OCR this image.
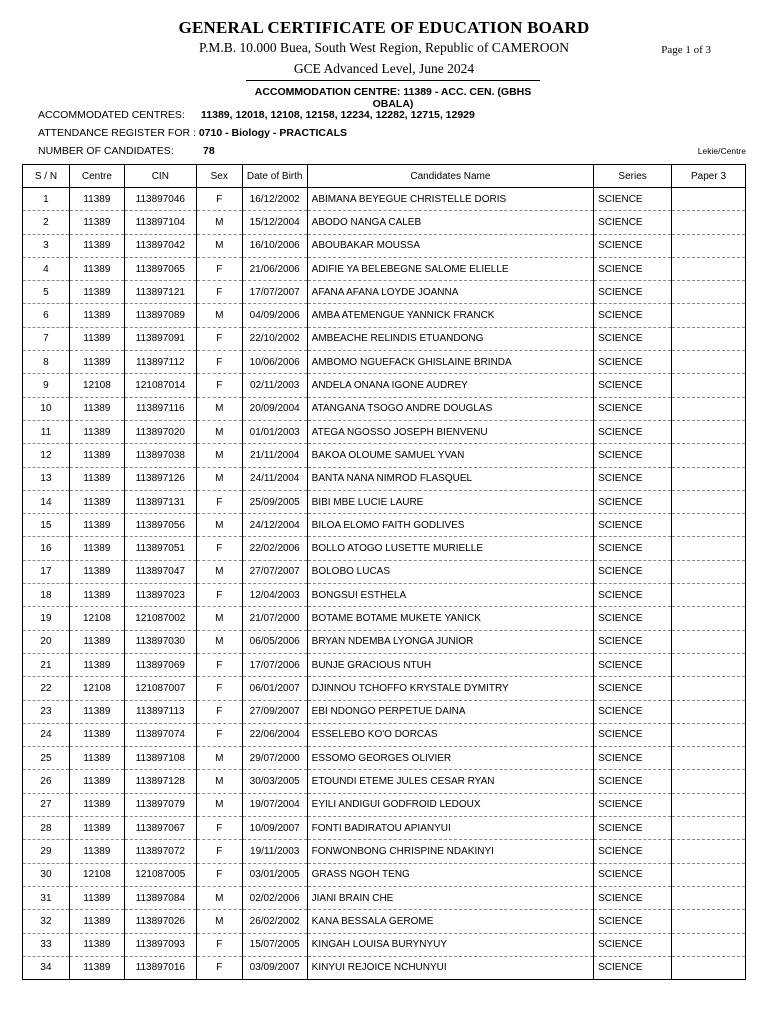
GENERAL CERTIFICATE OF EDUCATION BOARD
P.M.B. 10.000 Buea, South West Region, Republic of CAMEROON
GCE Advanced Level, June 2024
Page 1 of 3
ACCOMMODATION CENTRE: 11389 - ACC. CEN. (GBHS OBALA)
ACCOMMODATED CENTRES: 11389, 12018, 12108, 12158, 12234, 12282, 12715, 12929
ATTENDANCE REGISTER FOR : 0710 - Biology - PRACTICALS
NUMBER OF CANDIDATES:	78	Lekie/Centre
S / N	Centre	CIN	Sex	Date of Birth	Candidates Name	Series	Paper 3
1	11389	113897046	F	16/12/2002	ABIMANA BEYEGUE CHRISTELLE DORIS	SCIENCE	
2	11389	113897104	M	15/12/2004	ABODO NANGA CALEB	SCIENCE	
3	11389	113897042	M	16/10/2006	ABOUBAKAR MOUSSA	SCIENCE	
4	11389	113897065	F	21/06/2006	ADIFIE YA BELEBEGNE SALOME ELIELLE	SCIENCE	
5	11389	113897121	F	17/07/2007	AFANA AFANA LOYDE JOANNA	SCIENCE	
6	11389	113897089	M	04/09/2006	AMBA ATEMENGUE YANNICK FRANCK	SCIENCE	
7	11389	113897091	F	22/10/2002	AMBEACHE RELINDIS ETUANDONG	SCIENCE	
8	11389	113897112	F	10/06/2006	AMBOMO NGUEFACK GHISLAINE BRINDA	SCIENCE	
9	12108	121087014	F	02/11/2003	ANDELA ONANA IGONE AUDREY	SCIENCE	
10	11389	113897116	M	20/09/2004	ATANGANA TSOGO ANDRE DOUGLAS	SCIENCE	
11	11389	113897020	M	01/01/2003	ATEGA NGOSSO JOSEPH BIENVENU	SCIENCE	
12	11389	113897038	M	21/11/2004	BAKOA OLOUME SAMUEL YVAN	SCIENCE	
13	11389	113897126	M	24/11/2004	BANTA NANA NIMROD FLASQUEL	SCIENCE	
14	11389	113897131	F	25/09/2005	BIBI MBE LUCIE LAURE	SCIENCE	
15	11389	113897056	M	24/12/2004	BILOA ELOMO FAITH GODLIVES	SCIENCE	
16	11389	113897051	F	22/02/2006	BOLLO ATOGO LUSETTE MURIELLE	SCIENCE	
17	11389	113897047	M	27/07/2007	BOLOBO LUCAS	SCIENCE	
18	11389	113897023	F	12/04/2003	BONGSUI ESTHELA	SCIENCE	
19	12108	121087002	M	21/07/2000	BOTAME BOTAME MUKETE YANICK	SCIENCE	
20	11389	113897030	M	06/05/2006	BRYAN NDEMBA LYONGA JUNIOR	SCIENCE	
21	11389	113897069	F	17/07/2006	BUNJE GRACIOUS NTUH	SCIENCE	
22	12108	121087007	F	06/01/2007	DJINNOU TCHOFFO KRYSTALE DYMITRY	SCIENCE	
23	11389	113897113	F	27/09/2007	EBI NDONGO PERPETUE DAINA	SCIENCE	
24	11389	113897074	F	22/06/2004	ESSELEBO KO'O DORCAS	SCIENCE	
25	11389	113897108	M	29/07/2000	ESSOMO GEORGES OLIVIER	SCIENCE	
26	11389	113897128	M	30/03/2005	ETOUNDI ETEME JULES CESAR RYAN	SCIENCE	
27	11389	113897079	M	19/07/2004	EYILI ANDIGUI GODFROID LEDOUX	SCIENCE	
28	11389	113897067	F	10/09/2007	FONTI BADIRATOU APIANYUI	SCIENCE	
29	11389	113897072	F	19/11/2003	FONWONBONG CHRISPINE NDAKINYI	SCIENCE	
30	12108	121087005	F	03/01/2005	GRASS NGOH TENG	SCIENCE	
31	11389	113897084	M	02/02/2006	JIANI BRAIN CHE	SCIENCE	
32	11389	113897026	M	26/02/2002	KANA BESSALA GEROME	SCIENCE	
33	11389	113897093	F	15/07/2005	KINGAH LOUISA BURYNYUY	SCIENCE	
34	11389	113897016	F	03/09/2007	KINYUI REJOICE NCHUNYUI	SCIENCE	
